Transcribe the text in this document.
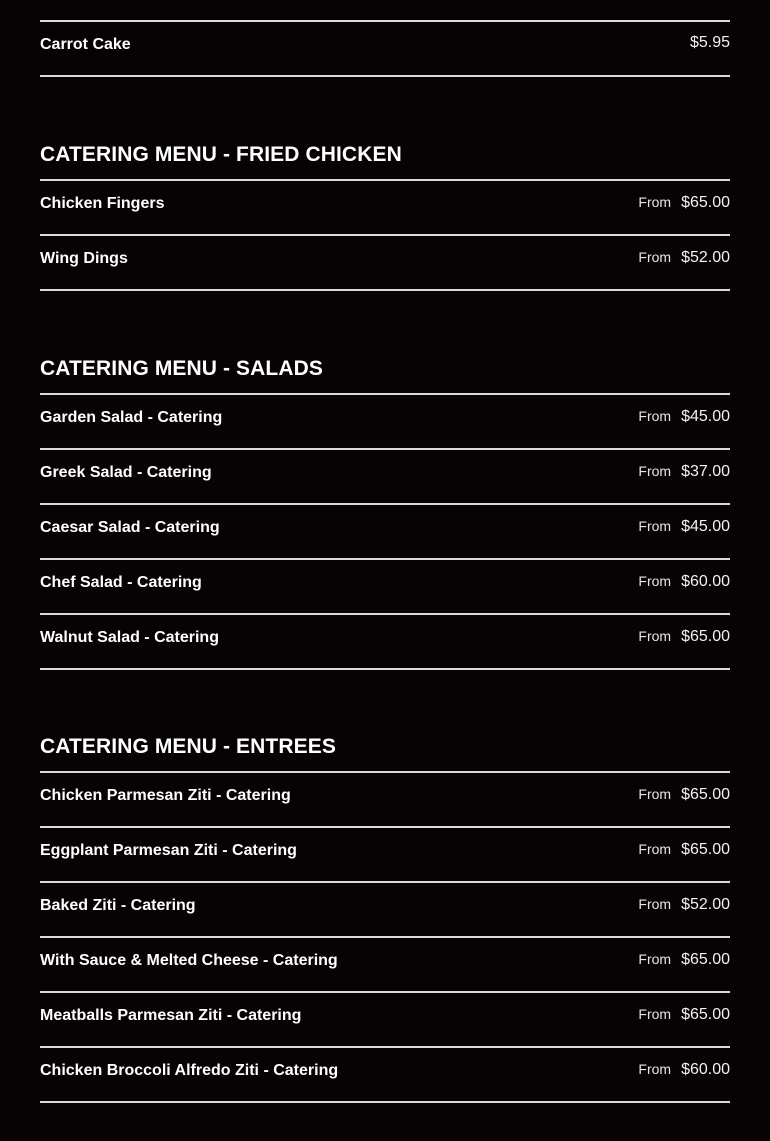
Carrot Cake	$5.95
CATERING MENU - FRIED CHICKEN
Chicken Fingers	From $65.00
Wing Dings	From $52.00
CATERING MENU - SALADS
Garden Salad - Catering	From $45.00
Greek Salad - Catering	From $37.00
Caesar Salad - Catering	From $45.00
Chef Salad - Catering	From $60.00
Walnut Salad - Catering	From $65.00
CATERING MENU - ENTREES
Chicken Parmesan Ziti - Catering	From $65.00
Eggplant Parmesan Ziti - Catering	From $65.00
Baked Ziti - Catering	From $52.00
With Sauce & Melted Cheese - Catering	From $65.00
Meatballs Parmesan Ziti - Catering	From $65.00
Chicken Broccoli Alfredo Ziti - Catering	From $60.00
